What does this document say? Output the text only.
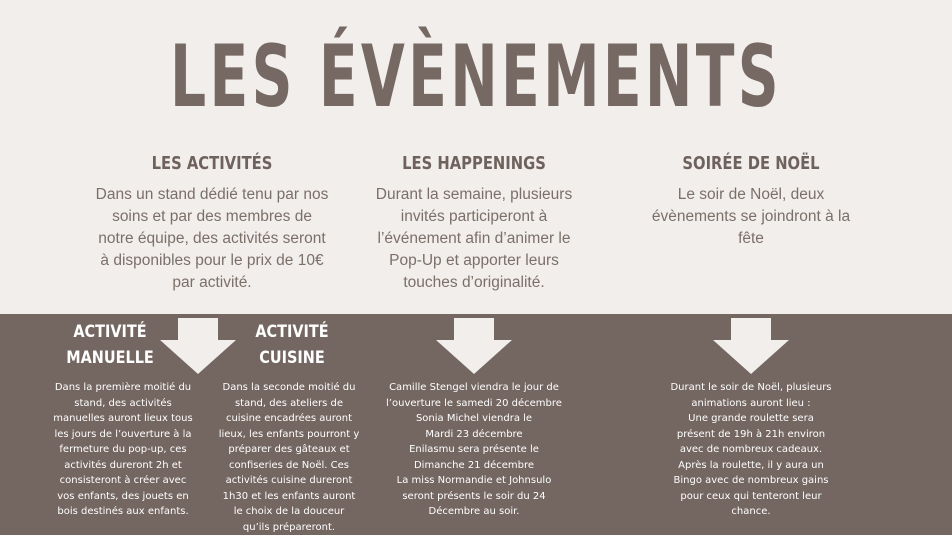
LES ÉVÈNEMENTS
LES ACTIVITÉS
Dans un stand dédié tenu par nos
soins et par des membres de
notre équipe, des activités seront
à disponibles pour le prix de 10€
par activité.
LES HAPPENINGS
Durant la semaine, plusieurs
invités participeront à
l’événement afin d’animer le
Pop-Up et apporter leurs
touches d’originalité.
SOIRÉE DE NOËL
Le soir de Noël, deux
évènements se joindront à la
fête
ACTIVITÉ
MANUELLE
Dans la première moitié du
stand, des activités
manuelles auront lieux tous
les jours de l’ouverture à la
fermeture du pop-up, ces
activités dureront 2h et
consisteront à créer avec
vos enfants, des jouets en
bois destinés aux enfants.
ACTIVITÉ
CUISINE
Dans la seconde moitié du
stand, des ateliers de
cuisine encadrées auront
lieux, les enfants pourront y
préparer des gâteaux et
confiseries de Noël. Ces
activités cuisine dureront
1h30 et les enfants auront
le choix de la douceur
qu’ils prépareront.
Camille Stengel viendra le jour de
l’ouverture le samedi 20 décembre
Sonia Michel viendra le
Mardi 23 décembre
Enilasmu sera présente le
Dimanche 21 décembre
La miss Normandie et Johnsulo
seront présents le soir du 24
Décembre au soir.
Durant le soir de Noël, plusieurs
animations auront lieu :
Une grande roulette sera
présent de 19h à 21h environ
avec de nombreux cadeaux.
Après la roulette, il y aura un
Bingo avec de nombreux gains
pour ceux qui tenteront leur
chance.
